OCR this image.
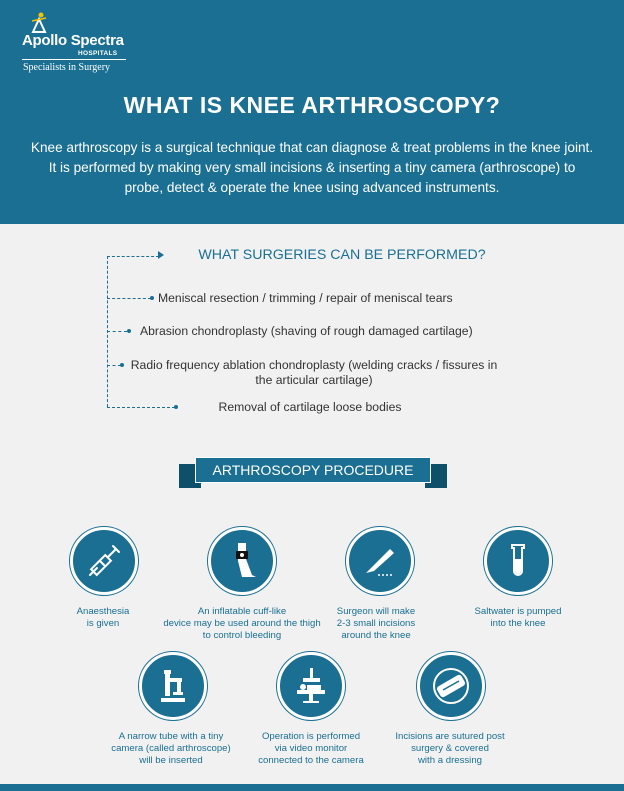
Apollo Spectra
HOSPITALS
Specialists in Surgery
WHAT IS KNEE ARTHROSCOPY?
Knee arthroscopy is a surgical technique that can diagnose & treat problems in the knee joint. It is performed by making very small incisions & inserting a tiny camera (arthroscope) to probe, detect & operate the knee using advanced instruments.
WHAT SURGERIES CAN BE PERFORMED?
Meniscal resection / trimming / repair of meniscal tears
Abrasion chondroplasty (shaving of rough damaged cartilage)
Radio frequency ablation chondroplasty (welding cracks / fissures in the articular cartilage)
Removal of cartilage loose bodies
ARTHROSCOPY PROCEDURE
Anaesthesia
is given
An inflatable cuff-like
device may be used around the thigh
to control bleeding
Surgeon will make
2-3 small incisions
around the knee
Saltwater is pumped
into the knee
A narrow tube with a tiny
camera (called arthroscope)
will be inserted
Operation is performed
via video monitor
connected to the camera
Incisions are sutured post
surgery & covered
with a dressing
